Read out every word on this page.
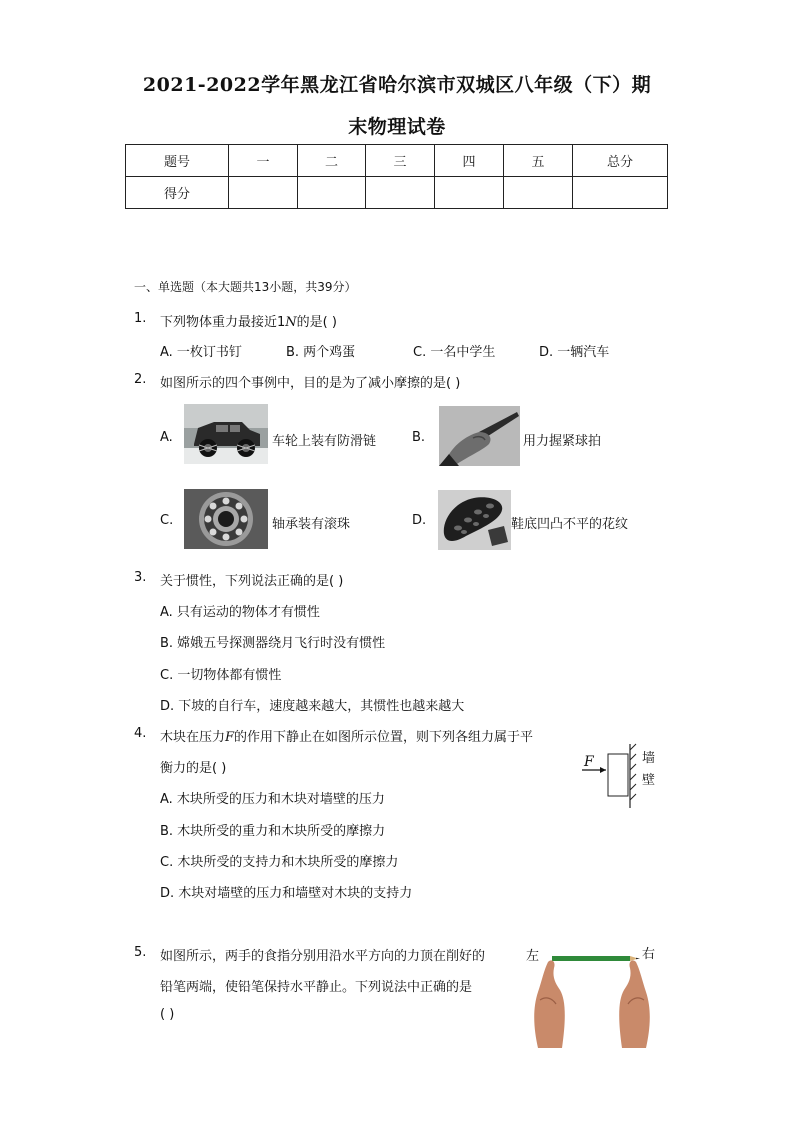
2021-2022学年黑龙江省哈尔滨市双城区八年级（下）期
末物理试卷
题号	一	二	三	四	五	总分
得分						
一、单选题（本大题共13小题，共39分）
1. 下列物体重力最接近1N的是( )
A. 一枚订书钉	B. 两个鸡蛋	C. 一名中学生	D. 一辆汽车
2. 如图所示的四个事例中，目的是为了减小摩擦的是( )
A.	车轮上装有防滑链	B.	用力握紧球拍
C.	轴承装有滚珠	D.	鞋底凹凸不平的花纹
3. 关于惯性，下列说法正确的是( )
A. 只有运动的物体才有惯性
B. 嫦娥五号探测器绕月飞行时没有惯性
C. 一切物体都有惯性
D. 下坡的自行车，速度越来越大，其惯性也越来越大
4. 木块在压力F的作用下静止在如图所示位置，则下列各组力属于平
衡力的是( )	F	墙
壁
A. 木块所受的压力和木块对墙壁的压力
B. 木块所受的重力和木块所受的摩擦力
C. 木块所受的支持力和木块所受的摩擦力
D. 木块对墙壁的压力和墙壁对木块的支持力
5. 如图所示，两手的食指分别用沿水平方向的力顶在削好的
铅笔两端，使铅笔保持水平静止。下列说法中正确的是
( )
左	右
